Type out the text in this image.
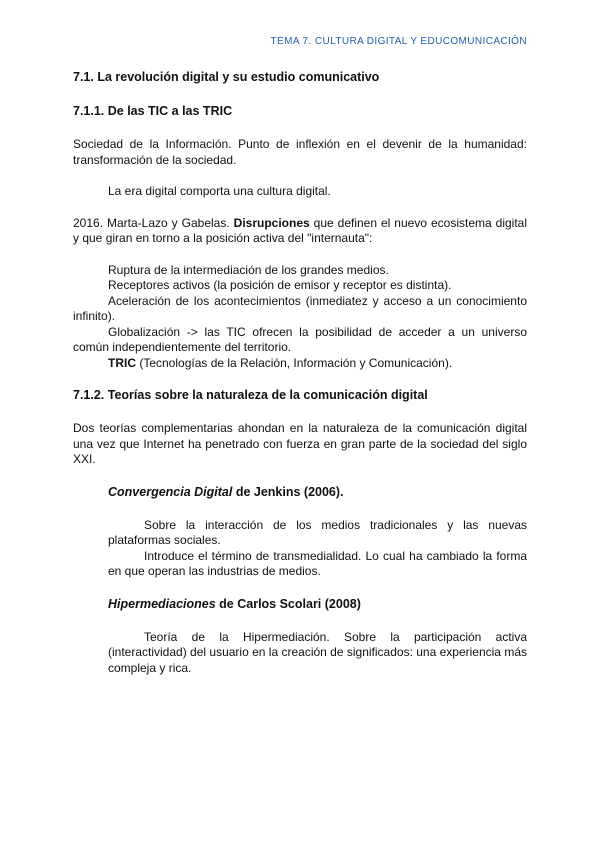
TEMA 7. CULTURA DIGITAL Y EDUCOMUNICACIÓN
7.1. La revolución digital y su estudio comunicativo
7.1.1. De las TIC a las TRIC

Sociedad de la Información. Punto de inflexión en el devenir de la humanidad: transformación de la sociedad.

La era digital comporta una cultura digital.

2016. Marta-Lazo y Gabelas. Disrupciones que definen el nuevo ecosistema digital y que giran en torno a la posición activa del "internauta":

Ruptura de la intermediación de los grandes medios.

Receptores activos (la posición de emisor y receptor es distinta).

Aceleración de los acontecimientos (inmediatez y acceso a un conocimiento infinito).

Globalización -> las TIC ofrecen la posibilidad de acceder a un universo común independientemente del territorio.

TRIC (Tecnologías de la Relación, Información y Comunicación).

7.1.2. Teorías sobre la naturaleza de la comunicación digital

Dos teorías complementarias ahondan en la naturaleza de la comunicación digital una vez que Internet ha penetrado con fuerza en gran parte de la sociedad del siglo XXI.

Convergencia Digital de Jenkins (2006).

Sobre la interacción de los medios tradicionales y las nuevas plataformas sociales.

Introduce el término de transmedialidad. Lo cual ha cambiado la forma en que operan las industrias de medios.

Hipermediaciones de Carlos Scolari (2008)

Teoría de la Hipermediación. Sobre la participación activa (interactividad) del usuario en la creación de significados: una experiencia más compleja y rica.
